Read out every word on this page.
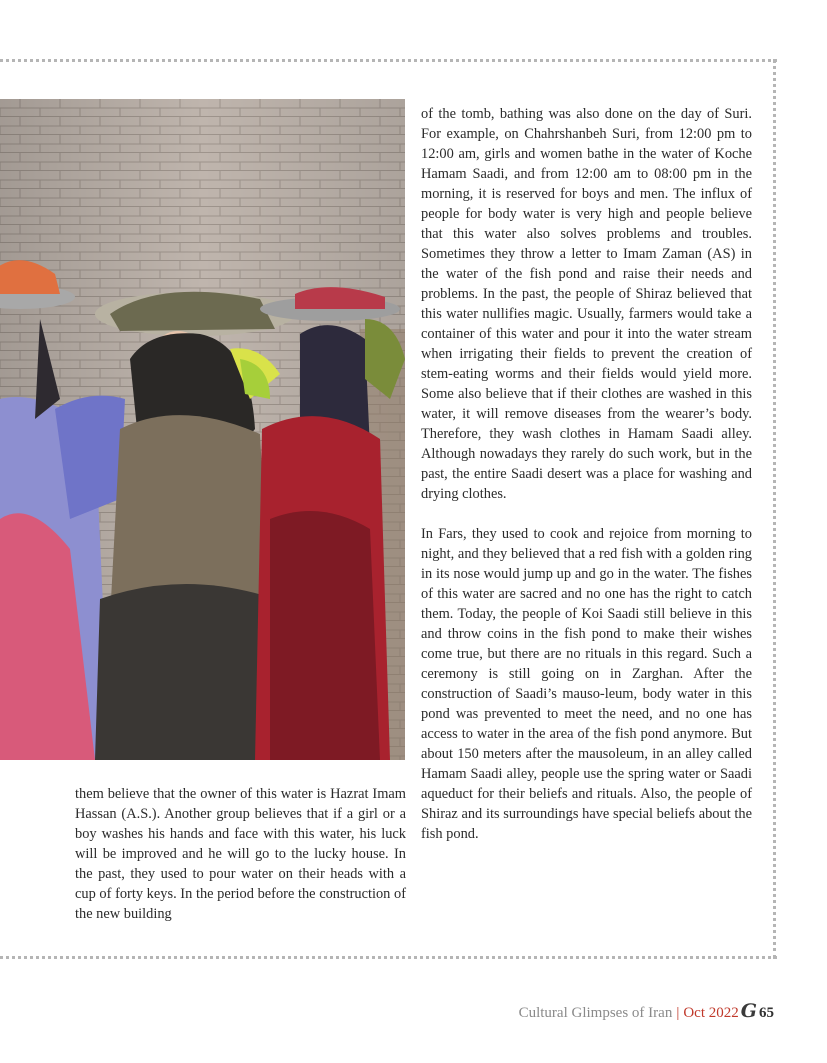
them believe that the owner of this water is Hazrat Imam Hassan (A.S.). Another group believes that if a girl or a boy washes his hands and face with this water, his luck will be improved and he will go to the lucky house. In the past, they used to pour water on their heads with a cup of forty keys. In the period before the construction of the new building

of the tomb, bathing was also done on the day of Suri. For example, on Chahrshanbeh Suri, from 12:00 pm to 12:00 am, girls and women bathe in the water of Koche Hamam Saadi, and from 12:00 am to 08:00 pm in the morning, it is reserved for boys and men. The influx of people for body water is very high and people believe that this water also solves problems and troubles. Sometimes they throw a letter to Imam Zaman (AS) in the water of the fish pond and raise their needs and problems. In the past, the people of Shiraz believed that this water nullifies magic. Usually, farmers would take a container of this water and pour it into the water stream when irrigating their fields to prevent the creation of stem-eating worms and their fields would yield more. Some also believe that if their clothes are washed in this water, it will remove diseases from the wearer’s body. Therefore, they wash clothes in Hamam Saadi alley. Although nowadays they rarely do such work, but in the past, the entire Saadi desert was a place for washing and drying clothes.

In Fars, they used to cook and rejoice from morning to night, and they believed that a red fish with a golden ring in its nose would jump up and go in the water. The fishes of this water are sacred and no one has the right to catch them. Today, the people of Koi Saadi still believe in this and throw coins in the fish pond to make their wishes come true, but there are no rituals in this regard. Such a ceremony is still going on in Zarghan. After the construction of Saadi’s mauso-leum, body water in this pond was prevented to meet the need, and no one has access to water in the area of the fish pond anymore. But about 150 meters after the mausoleum, in an alley called Hamam Saadi alley, people use the spring water or Saadi aqueduct for their beliefs and rituals. Also, the people of Shiraz and its surroundings have special beliefs about the fish pond.

Cultural Glimpses of Iran | Oct 2022 G 65
